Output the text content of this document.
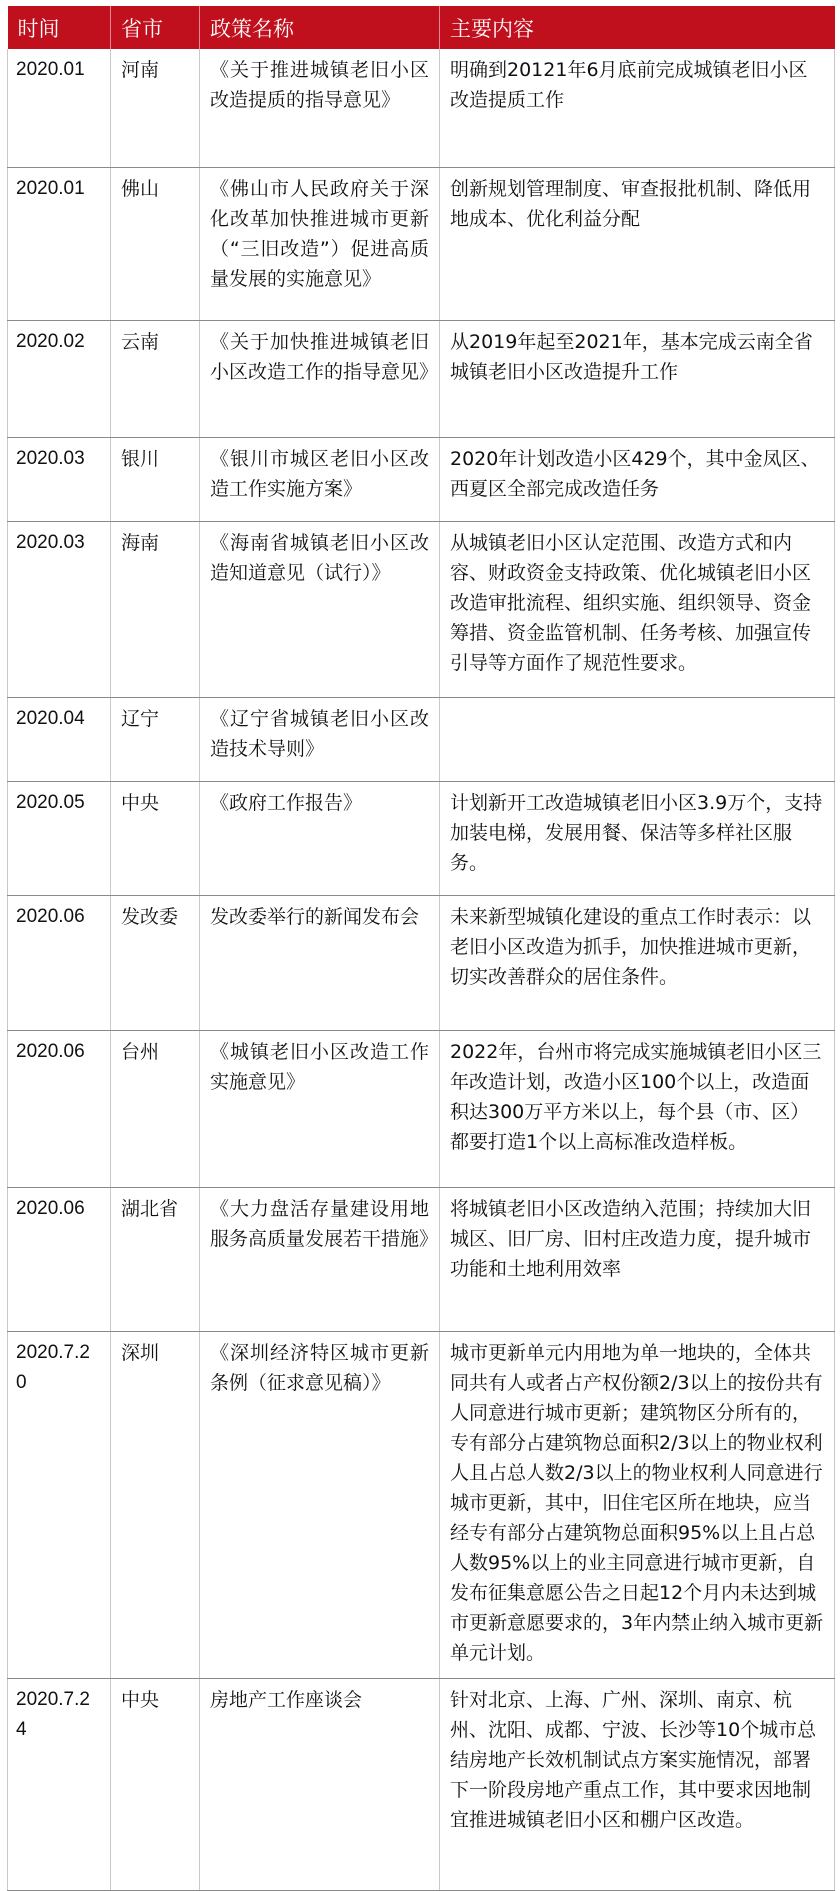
时间	省市	政策名称	主要内容
2020.01	河南	《关于推进城镇老旧小区改造提质的指导意见》	明确到20121年6月底前完成城镇老旧小区改造提质工作
2020.01	佛山	《佛山市人民政府关于深化改革加快推进城市更新（“三旧改造”）促进高质量发展的实施意见》	创新规划管理制度、审查报批机制、降低用地成本、优化利益分配
2020.02	云南	《关于加快推进城镇老旧小区改造工作的指导意见》	从2019年起至2021年，基本完成云南全省城镇老旧小区改造提升工作
2020.03	银川	《银川市城区老旧小区改造工作实施方案》	2020年计划改造小区429个，其中金凤区、西夏区全部完成改造任务
2020.03	海南	《海南省城镇老旧小区改造知道意见（试行）》	从城镇老旧小区认定范围、改造方式和内容、财政资金支持政策、优化城镇老旧小区改造审批流程、组织实施、组织领导、资金筹措、资金监管机制、任务考核、加强宣传引导等方面作了规范性要求。
2020.04	辽宁	《辽宁省城镇老旧小区改造技术导则》	
2020.05	中央	《政府工作报告》	计划新开工改造城镇老旧小区3.9万个，支持加装电梯，发展用餐、保洁等多样社区服务。
2020.06	发改委	发改委举行的新闻发布会	未来新型城镇化建设的重点工作时表示：以老旧小区改造为抓手，加快推进城市更新，切实改善群众的居住条件。
2020.06	台州	《城镇老旧小区改造工作实施意见》	2022年，台州市将完成实施城镇老旧小区三年改造计划，改造小区100个以上，改造面积达300万平方米以上，每个县（市、区）都要打造1个以上高标准改造样板。
2020.06	湖北省	《大力盘活存量建设用地服务高质量发展若干措施》	将城镇老旧小区改造纳入范围；持续加大旧城区、旧厂房、旧村庄改造力度，提升城市功能和土地利用效率
2020.7.20	深圳	《深圳经济特区城市更新条例（征求意见稿）》	城市更新单元内用地为单一地块的，全体共同共有人或者占产权份额2/3以上的按份共有人同意进行城市更新；建筑物区分所有的，专有部分占建筑物总面积2/3以上的物业权利人且占总人数2/3以上的物业权利人同意进行城市更新，其中，旧住宅区所在地块，应当经专有部分占建筑物总面积95%以上且占总人数95%以上的业主同意进行城市更新，自发布征集意愿公告之日起12个月内未达到城市更新意愿要求的，3年内禁止纳入城市更新单元计划。
2020.7.24	中央	房地产工作座谈会	针对北京、上海、广州、深圳、南京、杭州、沈阳、成都、宁波、长沙等10个城市总结房地产长效机制试点方案实施情况，部署下一阶段房地产重点工作，其中要求因地制宜推进城镇老旧小区和棚户区改造。
